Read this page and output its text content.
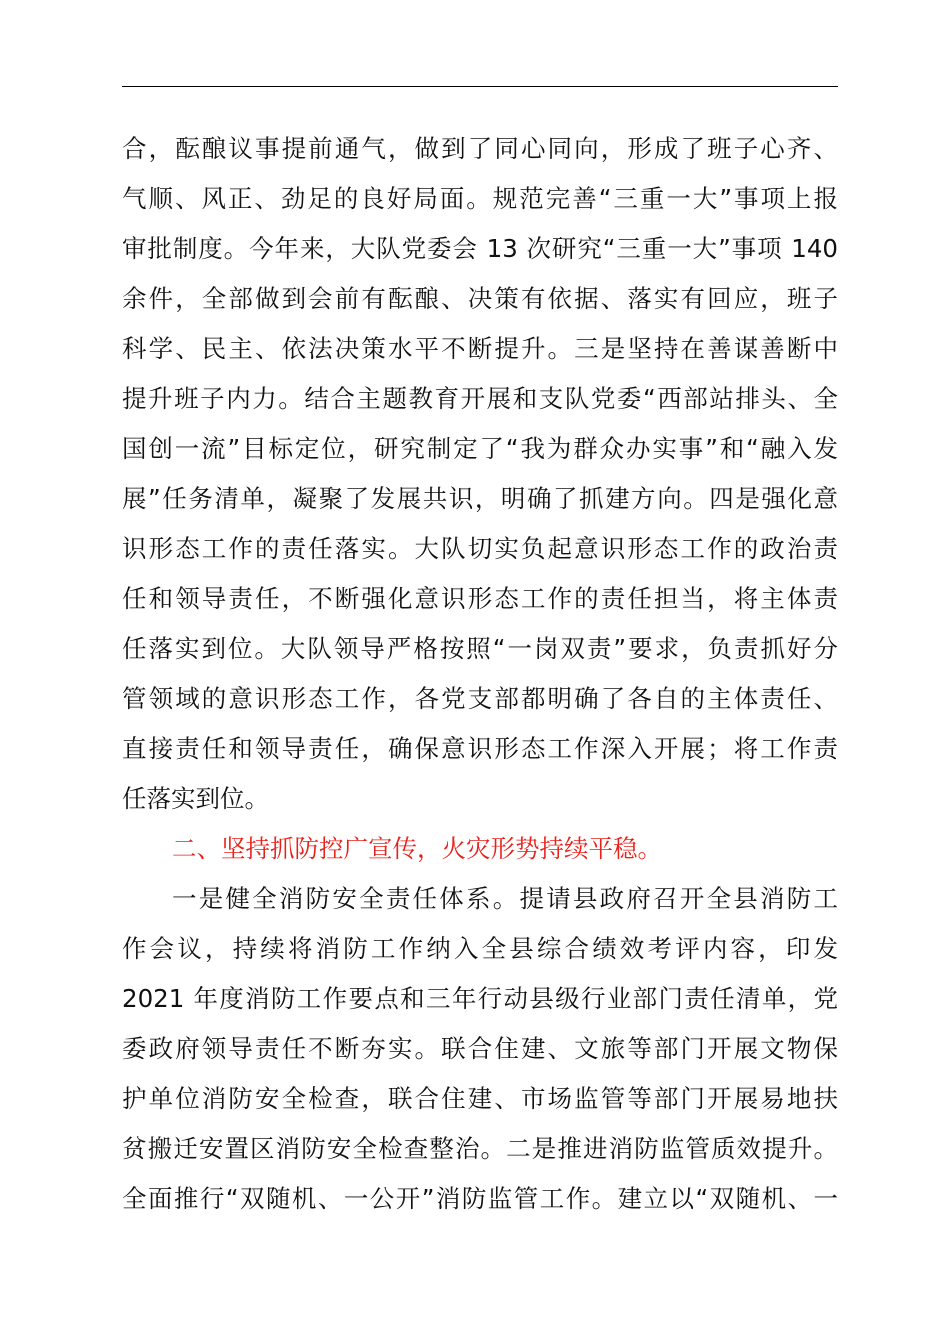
合，酝酿议事提前通气，做到了同心同向，形成了班子心齐、
气顺、风正、劲足的良好局面。规范完善“三重一大”事项上报
审批制度。今年来，大队党委会 13 次研究“三重一大”事项 140
余件，全部做到会前有酝酿、决策有依据、落实有回应，班子
科学、民主、依法决策水平不断提升。三是坚持在善谋善断中
提升班子内力。结合主题教育开展和支队党委“西部站排头、全
国创一流”目标定位，研究制定了“我为群众办实事”和“融入发
展”任务清单，凝聚了发展共识，明确了抓建方向。四是强化意
识形态工作的责任落实。大队切实负起意识形态工作的政治责
任和领导责任，不断强化意识形态工作的责任担当，将主体责
任落实到位。大队领导严格按照“一岗双责”要求，负责抓好分
管领域的意识形态工作，各党支部都明确了各自的主体责任、
直接责任和领导责任，确保意识形态工作深入开展；将工作责
任落实到位。
二、坚持抓防控广宣传，火灾形势持续平稳。
一是健全消防安全责任体系。提请县政府召开全县消防工
作会议，持续将消防工作纳入全县综合绩效考评内容，印发
2021 年度消防工作要点和三年行动县级行业部门责任清单，党
委政府领导责任不断夯实。联合住建、文旅等部门开展文物保
护单位消防安全检查，联合住建、市场监管等部门开展易地扶
贫搬迁安置区消防安全检查整治。二是推进消防监管质效提升。
全面推行“双随机、一公开”消防监管工作。建立以“双随机、一
